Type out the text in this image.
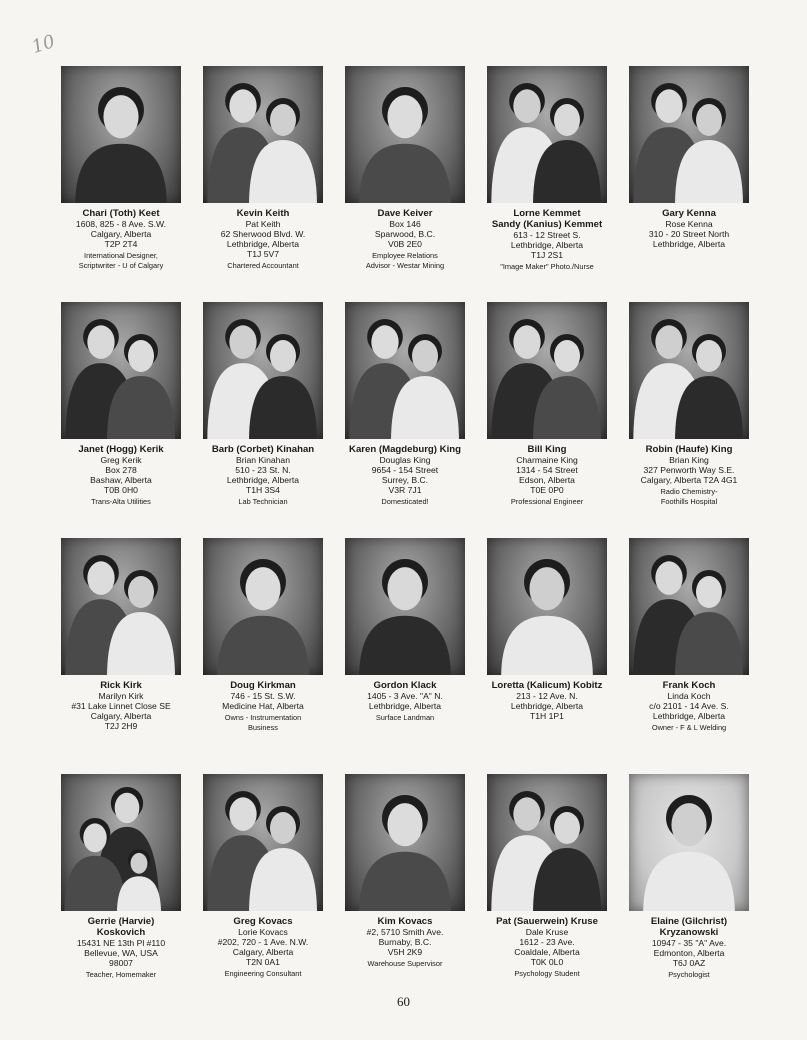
10
Chari (Toth) Keet
1608, 825 - 8 Ave. S.W.
Calgary, Alberta
T2P 2T4
International Designer,
Scriptwriter - U of Calgary
Kevin Keith
Pat Keith
62 Sherwood Blvd. W.
Lethbridge, Alberta
T1J 5V7
Chartered Accountant
Dave Keiver
Box 146
Sparwood, B.C.
V0B 2E0
Employee Relations
Advisor - Westar Mining
Lorne Kemmet
Sandy (Kanius) Kemmet
613 - 12 Street S.
Lethbridge, Alberta
T1J 2S1
"Image Maker" Photo./Nurse
Gary Kenna
Rose Kenna
310 - 20 Street North
Lethbridge, Alberta
Janet (Hogg) Kerik
Greg Kerik
Box 278
Bashaw, Alberta
T0B 0H0
Trans-Alta Utilities
Barb (Corbet) Kinahan
Brian Kinahan
510 - 23 St. N.
Lethbridge, Alberta
T1H 3S4
Lab Technician
Karen (Magdeburg) King
Douglas King
9654 - 154 Street
Surrey, B.C.
V3R 7J1
Domesticated!
Bill King
Charmaine King
1314 - 54 Street
Edson, Alberta
T0E 0P0
Professional Engineer
Robin (Haufe) King
Brian King
327 Penworth Way S.E.
Calgary, Alberta T2A 4G1
Radio Chemistry-
Foothills Hospital
Rick Kirk
Marilyn Kirk
#31 Lake Linnet Close SE
Calgary, Alberta
T2J 2H9
Doug Kirkman
746 - 15 St. S.W.
Medicine Hat, Alberta
Owns - Instrumentation
Business
Gordon Klack
1405 - 3 Ave. "A" N.
Lethbridge, Alberta
Surface Landman
Loretta (Kalicum) Kobitz
213 - 12 Ave. N.
Lethbridge, Alberta
T1H 1P1
Frank Koch
Linda Koch
c/o 2101 - 14 Ave. S.
Lethbridge, Alberta
Owner - F & L Welding
Gerrie (Harvie)
Koskovich
15431 NE 13th Pl #110
Bellevue, WA, USA
98007
Teacher, Homemaker
Greg Kovacs
Lorie Kovacs
#202, 720 - 1 Ave. N.W.
Calgary, Alberta
T2N 0A1
Engineering Consultant
Kim Kovacs
#2, 5710 Smith Ave.
Burnaby, B.C.
V5H 2K9
Warehouse Supervisor
Pat (Sauerwein) Kruse
Dale Kruse
1612 - 23 Ave.
Coaldale, Alberta
T0K 0L0
Psychology Student
Elaine (Gilchrist)
Kryzanowski
10947 - 35 "A" Ave.
Edmonton, Alberta
T6J 0AZ
Psychologist
60
